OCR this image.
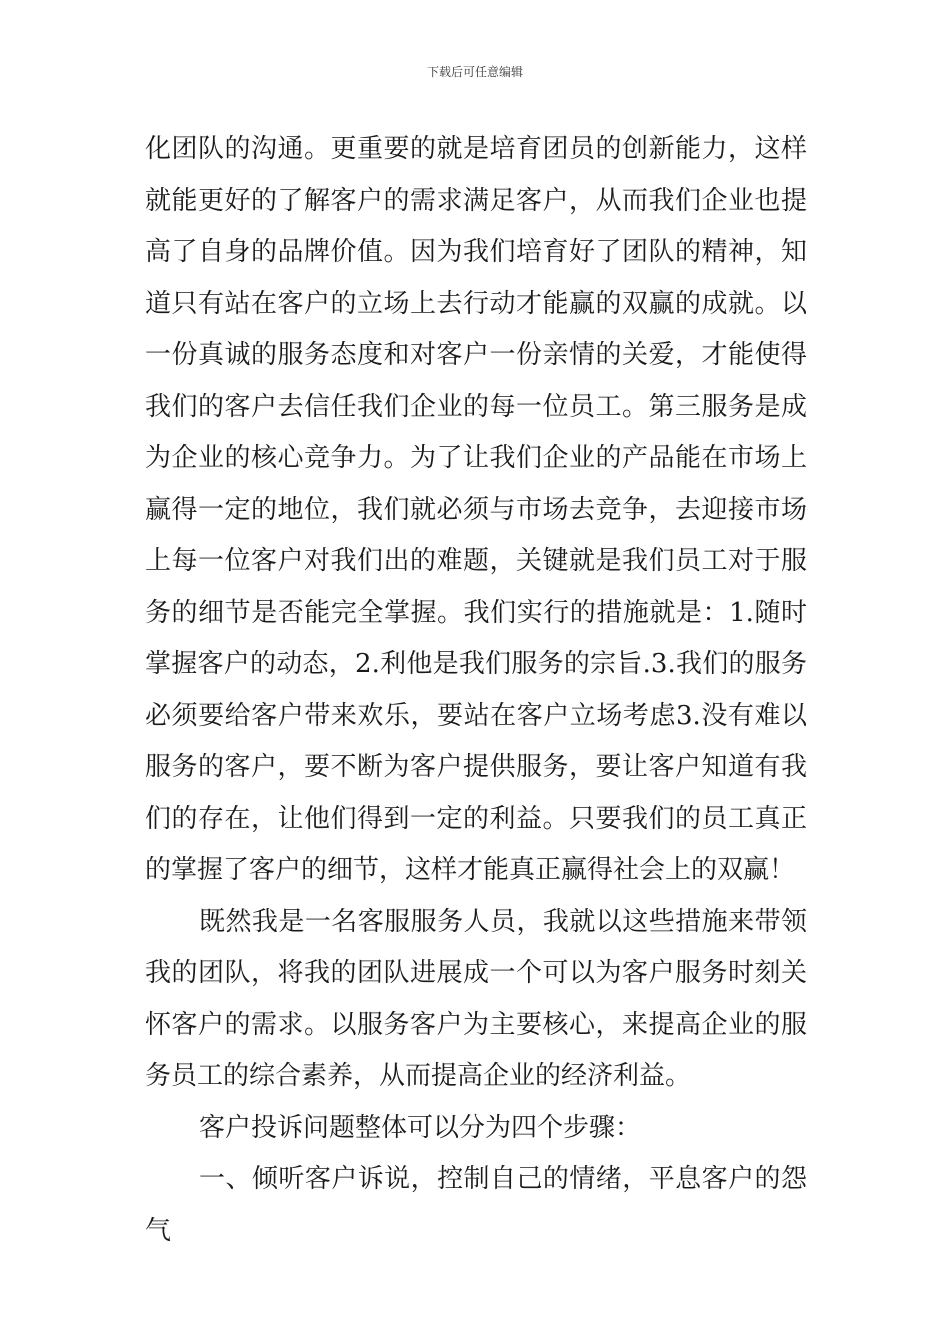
下载后可任意编辑
化团队的沟通。更重要的就是培育团员的创新能力，这样
就能更好的了解客户的需求满足客户，从而我们企业也提
高了自身的品牌价值。因为我们培育好了团队的精神，知
道只有站在客户的立场上去行动才能赢的双赢的成就。以
一份真诚的服务态度和对客户一份亲情的关爱，才能使得
我们的客户去信任我们企业的每一位员工。第三服务是成
为企业的核心竞争力。为了让我们企业的产品能在市场上
赢得一定的地位，我们就必须与市场去竞争，去迎接市场
上每一位客户对我们出的难题，关键就是我们员工对于服
务的细节是否能完全掌握。我们实行的措施就是：1.随时
掌握客户的动态，2.利他是我们服务的宗旨.3.我们的服务
必须要给客户带来欢乐，要站在客户立场考虑3.没有难以
服务的客户，要不断为客户提供服务，要让客户知道有我
们的存在，让他们得到一定的利益。只要我们的员工真正
的掌握了客户的细节，这样才能真正赢得社会上的双赢！
既然我是一名客服服务人员，我就以这些措施来带领
我的团队，将我的团队进展成一个可以为客户服务时刻关
怀客户的需求。以服务客户为主要核心，来提高企业的服
务员工的综合素养，从而提高企业的经济利益。
客户投诉问题整体可以分为四个步骤：
一、倾听客户诉说，控制自己的情绪，平息客户的怨
气
